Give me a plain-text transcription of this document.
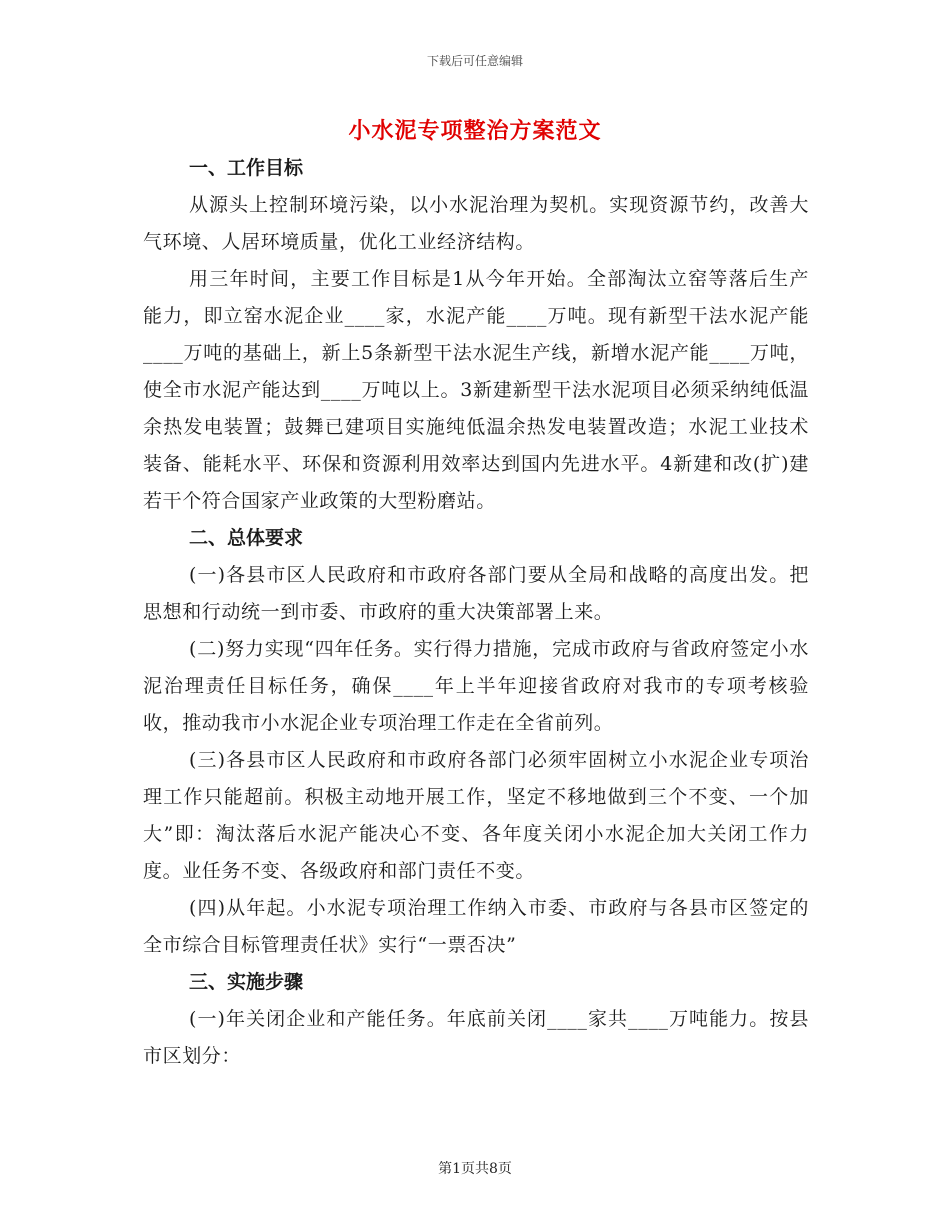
下载后可任意编辑
小水泥专项整治方案范文
一、工作目标

从源头上控制环境污染，以小水泥治理为契机。实现资源节约，改善大气环境、人居环境质量，优化工业经济结构。

用三年时间，主要工作目标是1从今年开始。全部淘汰立窑等落后生产能力，即立窑水泥企业____家，水泥产能____万吨。现有新型干法水泥产能____万吨的基础上，新上5条新型干法水泥生产线，新增水泥产能____万吨，使全市水泥产能达到____万吨以上。3新建新型干法水泥项目必须采纳纯低温余热发电装置；鼓舞已建项目实施纯低温余热发电装置改造；水泥工业技术装备、能耗水平、环保和资源利用效率达到国内先进水平。4新建和改(扩)建若干个符合国家产业政策的大型粉磨站。

二、总体要求

(一)各县市区人民政府和市政府各部门要从全局和战略的高度出发。把思想和行动统一到市委、市政府的重大决策部署上来。

(二)努力实现“四年任务。实行得力措施，完成市政府与省政府签定小水泥治理责任目标任务，确保____年上半年迎接省政府对我市的专项考核验收，推动我市小水泥企业专项治理工作走在全省前列。

(三)各县市区人民政府和市政府各部门必须牢固树立小水泥企业专项治理工作只能超前。积极主动地开展工作，坚定不移地做到三个不变、一个加大”即：淘汰落后水泥产能决心不变、各年度关闭小水泥企加大关闭工作力度。业任务不变、各级政府和部门责任不变。

(四)从年起。小水泥专项治理工作纳入市委、市政府与各县市区签定的全市综合目标管理责任状》实行“一票否决”

三、实施步骤

(一)年关闭企业和产能任务。年底前关闭____家共____万吨能力。按县市区划分：

第1页共8页
